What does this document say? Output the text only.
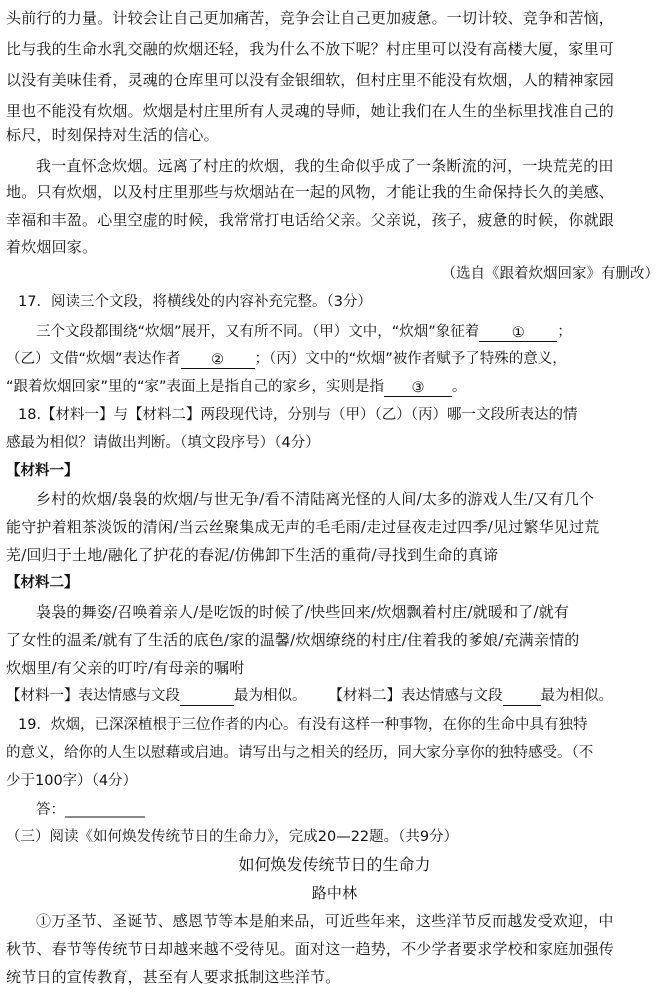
头前行的力量。计较会让自己更加痛苦，竞争会让自己更加疲惫。一切计较、竞争和苦恼，
比与我的生命水乳交融的炊烟还轻，我为什么不放下呢？村庄里可以没有高楼大厦，家里可
以没有美味佳肴，灵魂的仓库里可以没有金银细软，但村庄里不能没有炊烟，人的精神家园
里也不能没有炊烟。炊烟是村庄里所有人灵魂的导师，她让我们在人生的坐标里找准自己的
标尺，时刻保持对生活的信心。
我一直怀念炊烟。远离了村庄的炊烟，我的生命似乎成了一条断流的河，一块荒芜的田
地。只有炊烟，以及村庄里那些与炊烟站在一起的风物，才能让我的生命保持长久的美感、
幸福和丰盈。心里空虚的时候，我常常打电话给父亲。父亲说，孩子，疲惫的时候，你就跟
着炊烟回家。
（选自《跟着炊烟回家》有删改）
17．阅读三个文段，将横线处的内容补充完整。（3分）
三个文段都围绕“炊烟”展开，又有所不同。（甲）文中，“炊烟”象征着 ① ；
（乙）文借“炊烟”表达作者 ② ；（丙）文中的“炊烟”被作者赋予了特殊的意义，
“跟着炊烟回家”里的“家”表面上是指自己的家乡，实则是指 ③ 。
18.【材料一】与【材料二】两段现代诗，分别与（甲）（乙）（丙）哪一文段所表达的情
感最为相似？请做出判断。（填文段序号）（4分）
【材料一】
乡村的炊烟/袅袅的炊烟/与世无争/看不清陆离光怪的人间/太多的游戏人生/又有几个
能守护着粗茶淡饭的清闲/当云丝聚集成无声的毛毛雨/走过昼夜走过四季/见过繁华见过荒
芜/回归于土地/融化了护花的春泥/仿佛卸下生活的重荷/寻找到生命的真谛
【材料二】
袅袅的舞姿/召唤着亲人/是吃饭的时候了/快些回来/炊烟飘着村庄/就暖和了/就有
了女性的温柔/就有了生活的底色/家的温馨/炊烟缭绕的村庄/住着我的爹娘/充满亲情的
炊烟里/有父亲的叮咛/有母亲的嘱咐
【材料一】表达情感与文段	最为相似。 【材料二】表达情感与文段	最为相似。
19．炊烟，已深深植根于三位作者的内心。有没有这样一种事物，在你的生命中具有独特
的意义，给你的人生以慰藉或启迪。请写出与之相关的经历，同大家分享你的独特感受。（不
少于100字）（4分）
答：___________
（三）阅读《如何焕发传统节日的生命力》，完成20—22题。（共9分）
如何焕发传统节日的生命力
路中林
①万圣节、圣诞节、感恩节等本是舶来品，可近些年来，这些洋节反而越发受欢迎，中
秋节、春节等传统节日却越来越不受待见。面对这一趋势，不少学者要求学校和家庭加强传
统节日的宣传教育，甚至有人要求抵制这些洋节。
